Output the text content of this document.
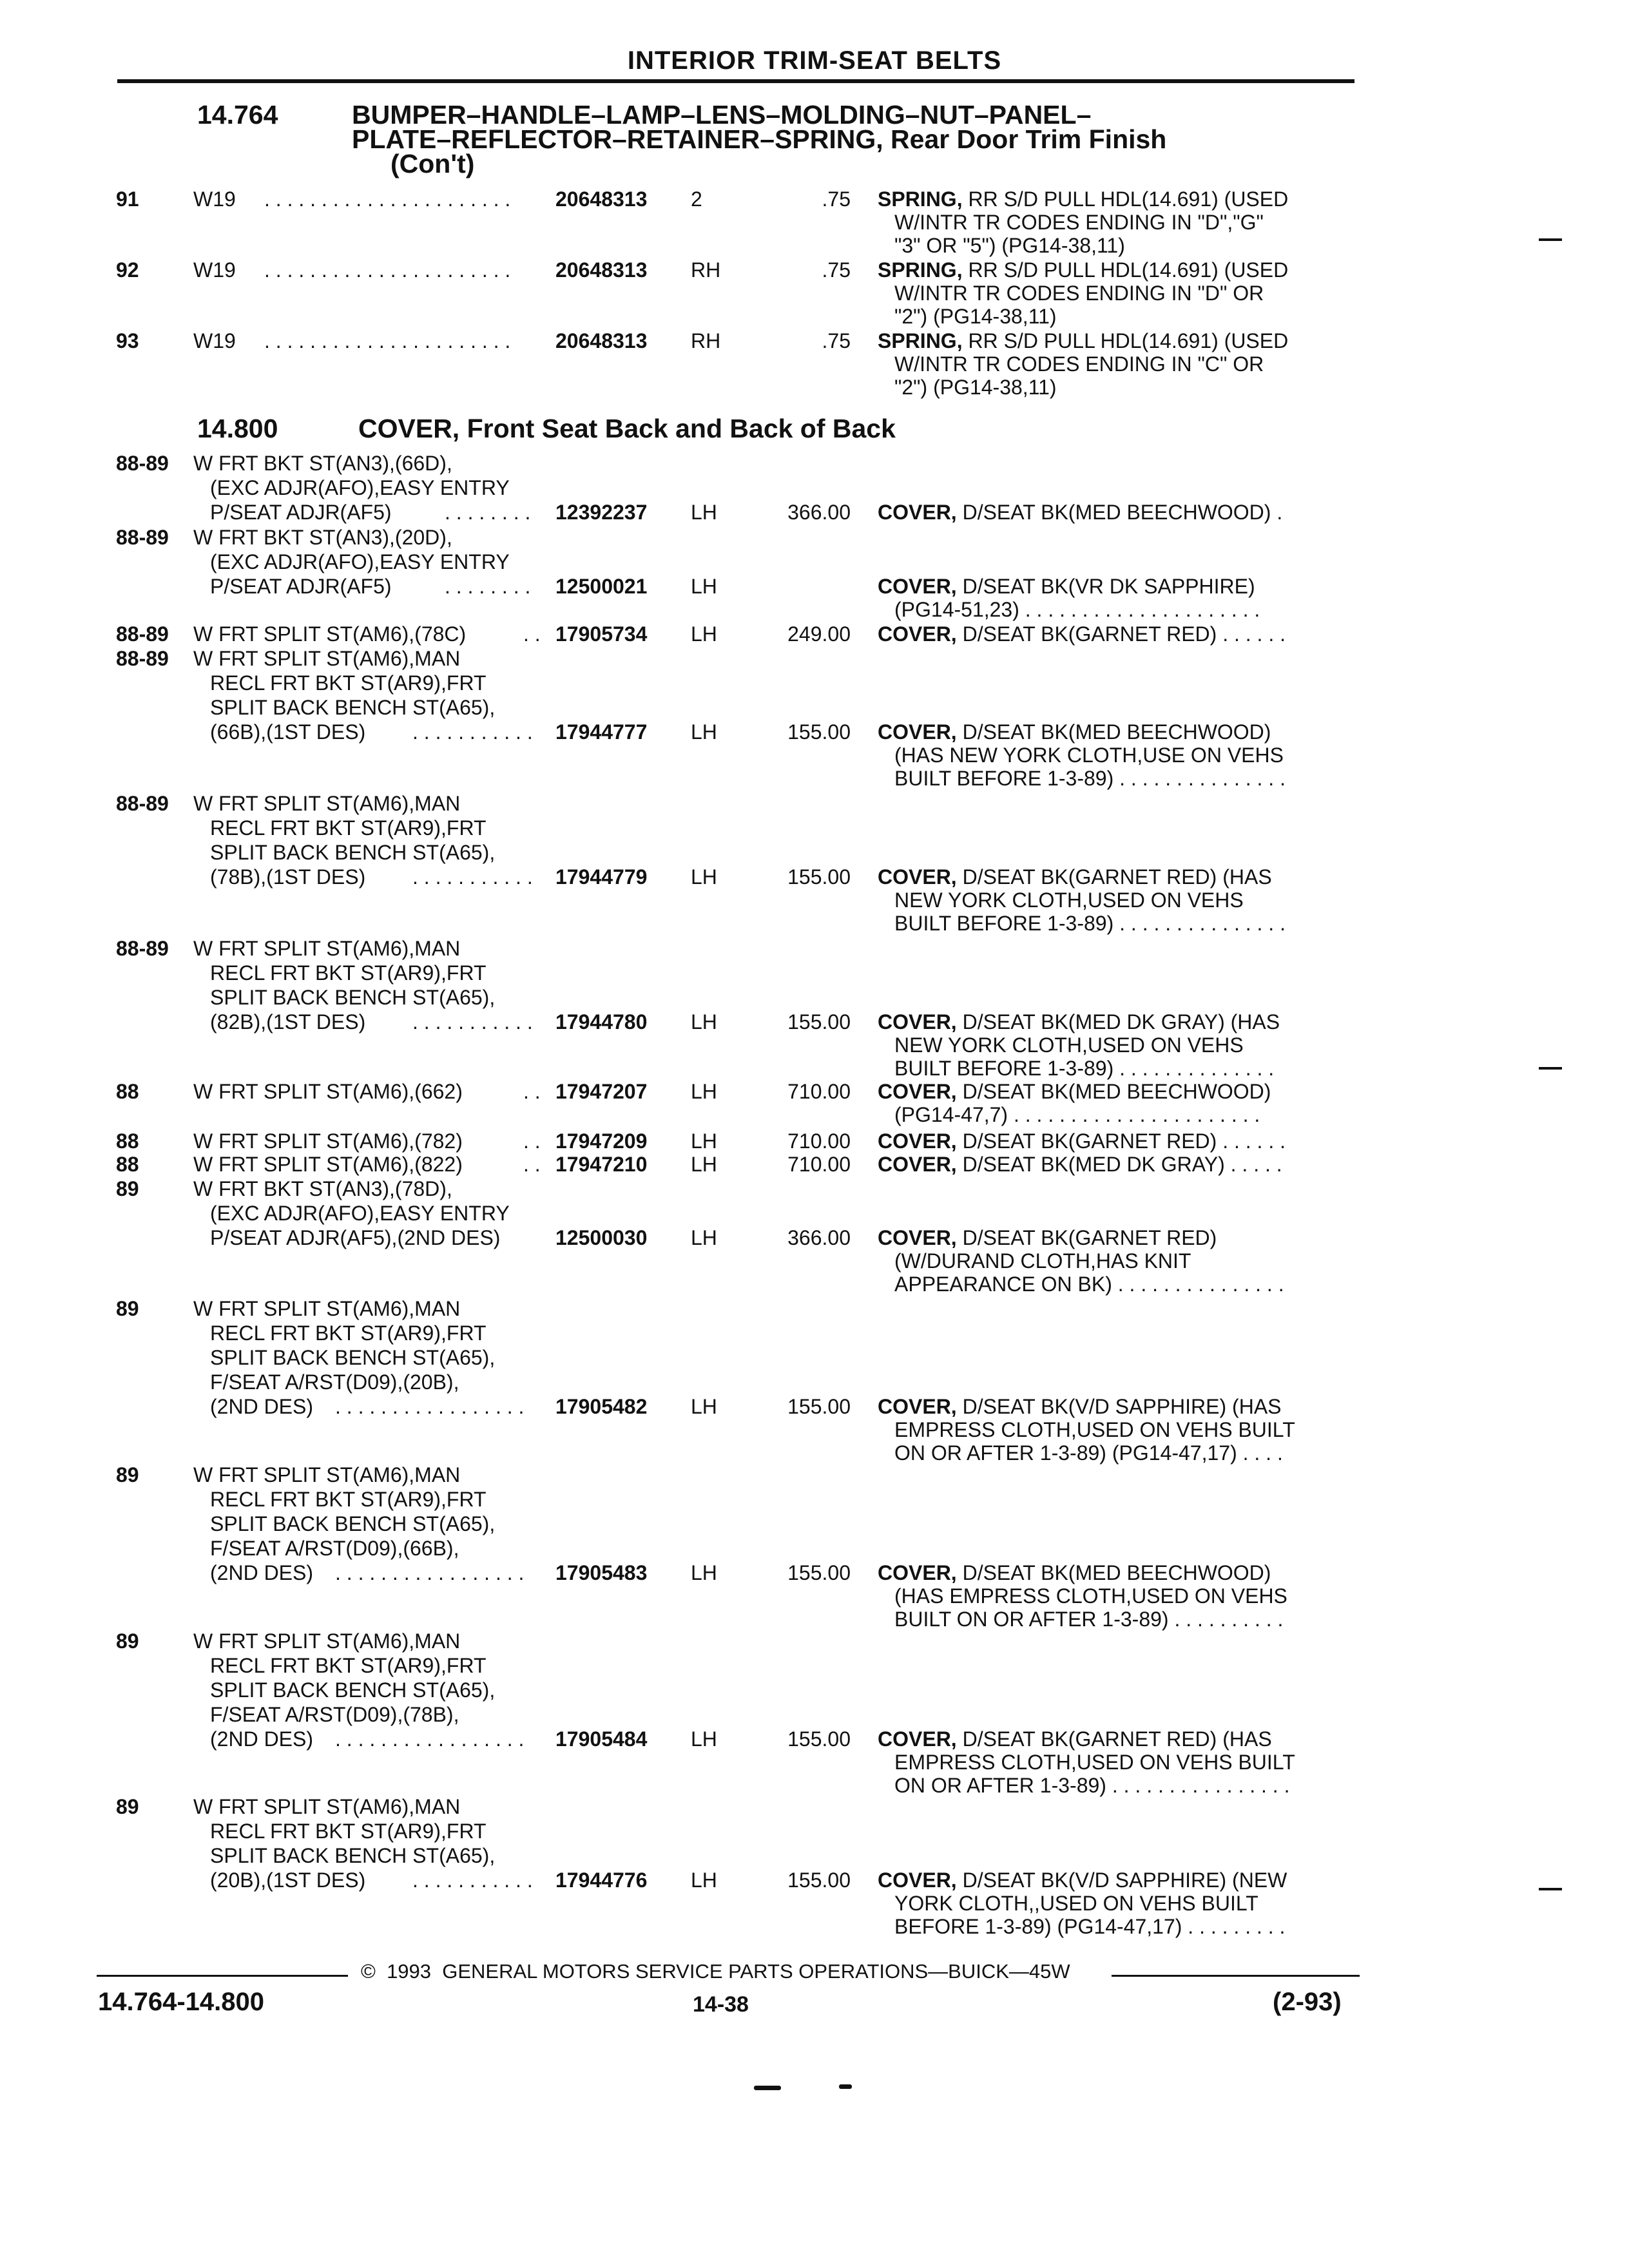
INTERIOR TRIM-SEAT BELTS
14.764	BUMPER–HANDLE–LAMP–LENS–MOLDING–NUT–PANEL–
PLATE–REFLECTOR–RETAINER–SPRING, Rear Door Trim Finish
(Con't)
91	W19 . . . . . . . . . . . . . . . . . . . . . .	20648313 2	.75 SPRING, RR S/D PULL HDL(14.691) (USED
W/INTR TR CODES ENDING IN "D","G"
"3" OR "5") (PG14-38,11)
92	W19 . . . . . . . . . . . . . . . . . . . . . .	20648313 RH	.75 SPRING, RR S/D PULL HDL(14.691) (USED
W/INTR TR CODES ENDING IN "D" OR
"2") (PG14-38,11)
93	W19 . . . . . . . . . . . . . . . . . . . . . .	20648313 RH	.75 SPRING, RR S/D PULL HDL(14.691) (USED
W/INTR TR CODES ENDING IN "C" OR
"2") (PG14-38,11)
14.800	COVER, Front Seat Back and Back of Back
88-89 W FRT BKT ST(AN3),(66D),
(EXC ADJR(AFO),EASY ENTRY
P/SEAT ADJR(AF5)	. . . . . . . . 12392237 LH	366.00 COVER, D/SEAT BK(MED BEECHWOOD) .
88-89 W FRT BKT ST(AN3),(20D),
(EXC ADJR(AFO),EASY ENTRY
P/SEAT ADJR(AF5)	. . . . . . . . 12500021 LH	COVER, D/SEAT BK(VR DK SAPPHIRE)
(PG14-51,23) . . . . . . . . . . . . . . . . . . . . .
88-89 W FRT SPLIT ST(AM6),(78C)	. . 17905734 LH	249.00 COVER, D/SEAT BK(GARNET RED) . . . . . .
88-89 W FRT SPLIT ST(AM6),MAN
RECL FRT BKT ST(AR9),FRT
SPLIT BACK BENCH ST(A65),
(66B),(1ST DES) . . . . . . . . . . . 17944777 LH	155.00 COVER, D/SEAT BK(MED BEECHWOOD)
(HAS NEW YORK CLOTH,USE ON VEHS
BUILT BEFORE 1-3-89) . . . . . . . . . . . . . . .
88-89 W FRT SPLIT ST(AM6),MAN
RECL FRT BKT ST(AR9),FRT
SPLIT BACK BENCH ST(A65),
(78B),(1ST DES) . . . . . . . . . . . 17944779 LH	155.00 COVER, D/SEAT BK(GARNET RED) (HAS
NEW YORK CLOTH,USED ON VEHS
BUILT BEFORE 1-3-89) . . . . . . . . . . . . . . .
88-89 W FRT SPLIT ST(AM6),MAN
RECL FRT BKT ST(AR9),FRT
SPLIT BACK BENCH ST(A65),
(82B),(1ST DES) . . . . . . . . . . . 17944780 LH	155.00 COVER, D/SEAT BK(MED DK GRAY) (HAS
NEW YORK CLOTH,USED ON VEHS
BUILT BEFORE 1-3-89) . . . . . . . . . . . . . .
88	W FRT SPLIT ST(AM6),(662)	. . 17947207 LH	710.00 COVER, D/SEAT BK(MED BEECHWOOD)
(PG14-47,7) . . . . . . . . . . . . . . . . . . . . . .
88	W FRT SPLIT ST(AM6),(782)	. . 17947209 LH	710.00 COVER, D/SEAT BK(GARNET RED) . . . . . .
88	W FRT SPLIT ST(AM6),(822)	. . 17947210 LH	710.00 COVER, D/SEAT BK(MED DK GRAY) . . . . .
89	W FRT BKT ST(AN3),(78D),
(EXC ADJR(AFO),EASY ENTRY
P/SEAT ADJR(AF5),(2ND DES)	12500030 LH	366.00 COVER, D/SEAT BK(GARNET RED)
(W/DURAND CLOTH,HAS KNIT
APPEARANCE ON BK) . . . . . . . . . . . . . . .
89	W FRT SPLIT ST(AM6),MAN
RECL FRT BKT ST(AR9),FRT
SPLIT BACK BENCH ST(A65),
F/SEAT A/RST(D09),(20B),
(2ND DES) . . . . . . . . . . . . . . . . . 17905482 LH	155.00 COVER, D/SEAT BK(V/D SAPPHIRE) (HAS
EMPRESS CLOTH,USED ON VEHS BUILT
ON OR AFTER 1-3-89) (PG14-47,17) . . . .
89	W FRT SPLIT ST(AM6),MAN
RECL FRT BKT ST(AR9),FRT
SPLIT BACK BENCH ST(A65),
F/SEAT A/RST(D09),(66B),
(2ND DES) . . . . . . . . . . . . . . . . . 17905483 LH	155.00 COVER, D/SEAT BK(MED BEECHWOOD)
(HAS EMPRESS CLOTH,USED ON VEHS
BUILT ON OR AFTER 1-3-89) . . . . . . . . . .
89	W FRT SPLIT ST(AM6),MAN
RECL FRT BKT ST(AR9),FRT
SPLIT BACK BENCH ST(A65),
F/SEAT A/RST(D09),(78B),
(2ND DES) . . . . . . . . . . . . . . . . . 17905484 LH	155.00 COVER, D/SEAT BK(GARNET RED) (HAS
EMPRESS CLOTH,USED ON VEHS BUILT
ON OR AFTER 1-3-89) . . . . . . . . . . . . . . . .
89	W FRT SPLIT ST(AM6),MAN
RECL FRT BKT ST(AR9),FRT
SPLIT BACK BENCH ST(A65),
(20B),(1ST DES) . . . . . . . . . . . 17944776 LH	155.00 COVER, D/SEAT BK(V/D SAPPHIRE) (NEW
YORK CLOTH,,USED ON VEHS BUILT
BEFORE 1-3-89) (PG14-47,17) . . . . . . . . .
©  1993  GENERAL MOTORS SERVICE PARTS OPERATIONS—BUICK—45W
14.764-14.800	14-38	(2-93)
